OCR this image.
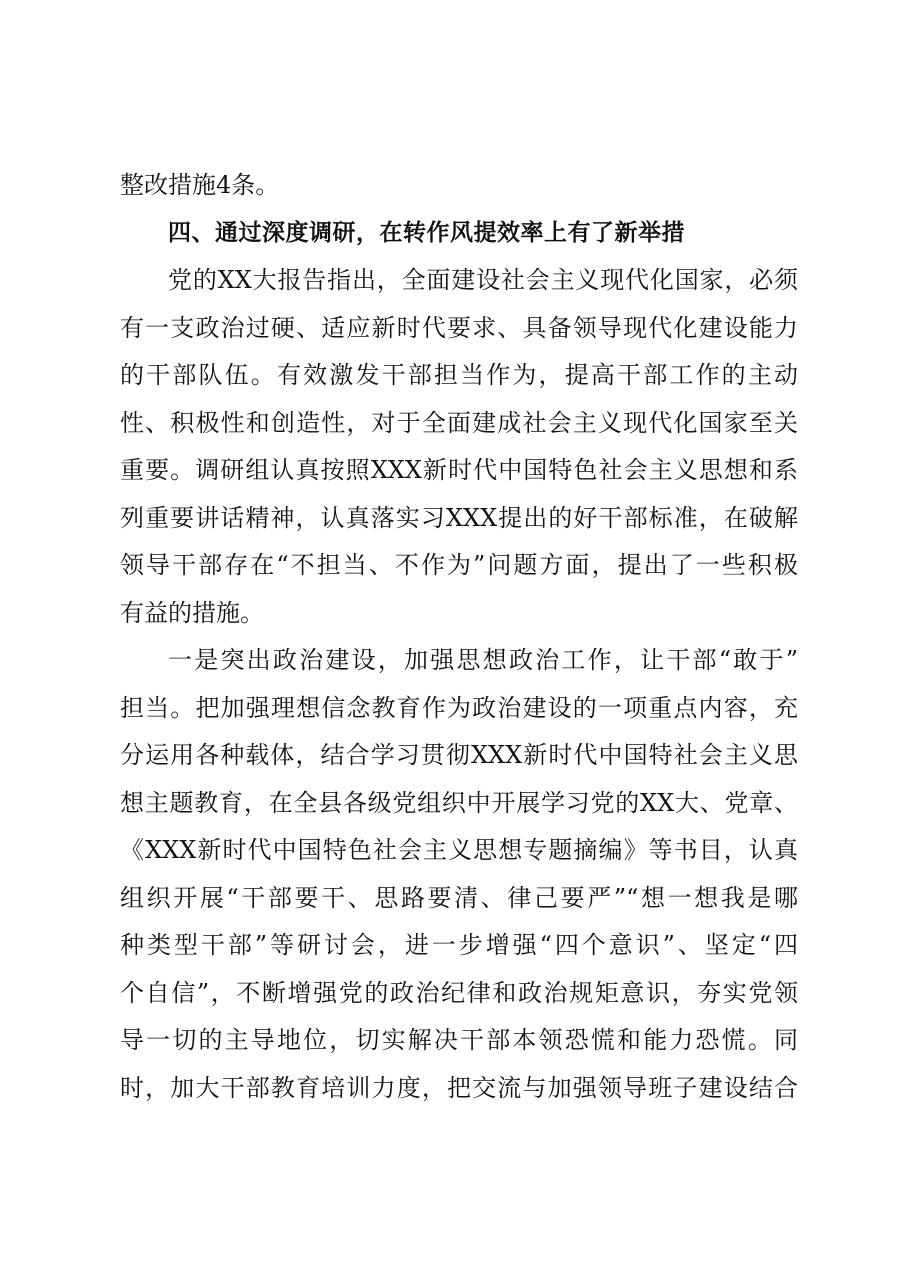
整改措施4条。
四、通过深度调研，在转作风提效率上有了新举措
党的XX大报告指出，全面建设社会主义现代化国家，必须
有一支政治过硬、适应新时代要求、具备领导现代化建设能力
的干部队伍。有效激发干部担当作为，提高干部工作的主动
性、积极性和创造性，对于全面建成社会主义现代化国家至关
重要。调研组认真按照XXX新时代中国特色社会主义思想和系
列重要讲话精神，认真落实习XXX提出的好干部标准，在破解
领导干部存在“不担当、不作为”问题方面，提出了一些积极
有益的措施。
一是突出政治建设，加强思想政治工作，让干部“敢于”
担当。把加强理想信念教育作为政治建设的一项重点内容，充
分运用各种载体，结合学习贯彻XXX新时代中国特社会主义思
想主题教育，在全县各级党组织中开展学习党的XX大、党章、
《XXX新时代中国特色社会主义思想专题摘编》等书目，认真
组织开展“干部要干、思路要清、律己要严”“想一想我是哪
种类型干部”等研讨会，进一步增强“四个意识”、坚定“四
个自信”，不断增强党的政治纪律和政治规矩意识，夯实党领
导一切的主导地位，切实解决干部本领恐慌和能力恐慌。同
时，加大干部教育培训力度，把交流与加强领导班子建设结合
